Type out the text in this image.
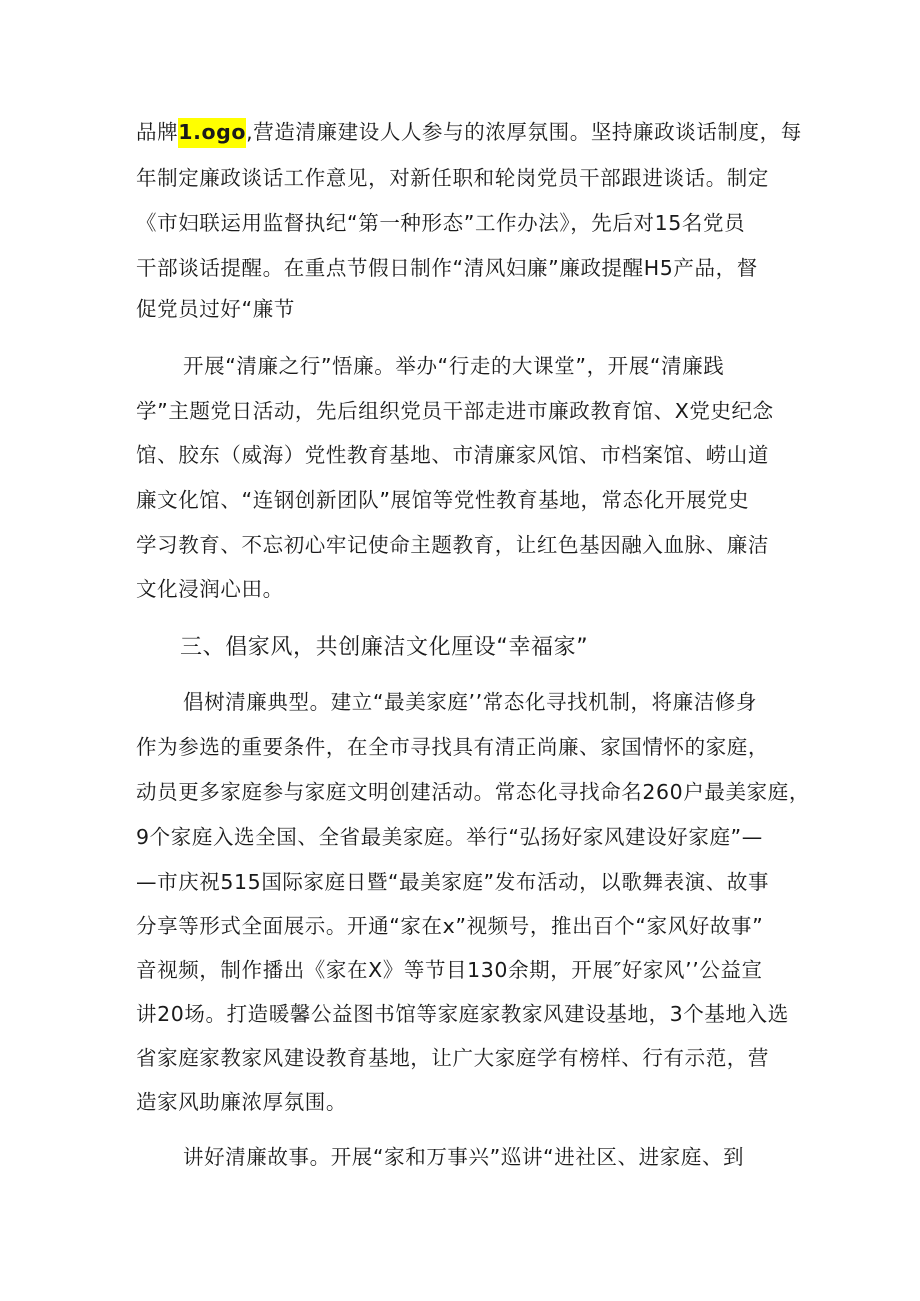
品牌1.ogo,营造清廉建设人人参与的浓厚氛围。坚持廉政谈话制度，每
年制定廉政谈话工作意见，对新任职和轮岗党员干部跟进谈话。制定
《市妇联运用监督执纪“第一种形态”工作办法》，先后对15名党员
干部谈话提醒。在重点节假日制作“清风妇廉”廉政提醒H5产品，督
促党员过好“廉节
开展“清廉之行”悟廉。举办“行走的大课堂”，开展“清廉践
学”主题党日活动，先后组织党员干部走进市廉政教育馆、X党史纪念
馆、胶东（威海）党性教育基地、市清廉家风馆、市档案馆、崂山道
廉文化馆、“连钢创新团队”展馆等党性教育基地，常态化开展党史
学习教育、不忘初心牢记使命主题教育，让红色基因融入血脉、廉洁
文化浸润心田。
三、倡家风，共创廉洁文化厘设“幸福家”
倡树清廉典型。建立“最美家庭’’常态化寻找机制，将廉洁修身
作为参选的重要条件，在全市寻找具有清正尚廉、家国情怀的家庭，
动员更多家庭参与家庭文明创建活动。常态化寻找命名260户最美家庭，
9个家庭入选全国、全省最美家庭。举行“弘扬好家风建设好家庭”—
—市庆祝515国际家庭日暨“最美家庭”发布活动，以歌舞表演、故事
分享等形式全面展示。开通“家在x”视频号，推出百个“家风好故事”
音视频，制作播出《家在X》等节目130余期，开展″好家风’’公益宣
讲20场。打造暖馨公益图书馆等家庭家教家风建设基地，3个基地入选
省家庭家教家风建设教育基地，让广大家庭学有榜样、行有示范，营
造家风助廉浓厚氛围。
讲好清廉故事。开展“家和万事兴”巡讲“进社区、进家庭、到
